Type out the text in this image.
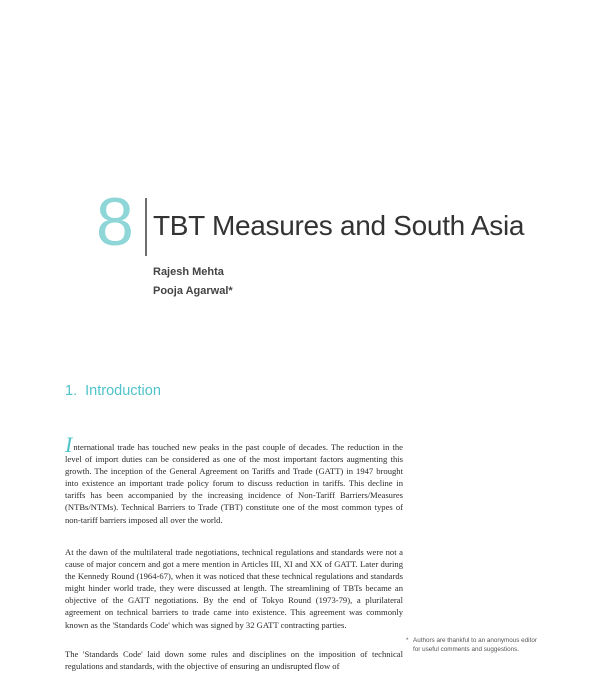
8 TBT Measures and South Asia
Rajesh Mehta
Pooja Agarwal*
1. Introduction

International trade has touched new peaks in the past couple of decades. The reduction in the level of import duties can be considered as one of the most important factors augmenting this growth. The inception of the General Agreement on Tariffs and Trade (GATT) in 1947 brought into existence an important trade policy forum to discuss reduction in tariffs. This decline in tariffs has been accompanied by the increasing incidence of Non-Tariff Barriers/Measures (NTBs/NTMs). Technical Barriers to Trade (TBT) constitute one of the most common types of non-tariff barriers imposed all over the world.

At the dawn of the multilateral trade negotiations, technical regulations and standards were not a cause of major concern and got a mere mention in Articles III, XI and XX of GATT. Later during the Kennedy Round (1964-67), when it was noticed that these technical regulations and standards might hinder world trade, they were discussed at length. The streamlining of TBTs became an objective of the GATT negotiations. By the end of Tokyo Round (1973-79), a plurilateral agreement on technical barriers to trade came into existence. This agreement was commonly known as the 'Standards Code' which was signed by 32 GATT contracting parties.

The 'Standards Code' laid down some rules and disciplines on the imposition of technical regulations and standards, with the objective of ensuring an undisrupted flow of

* Authors are thankful to an anonymous editor for useful comments and suggestions.
